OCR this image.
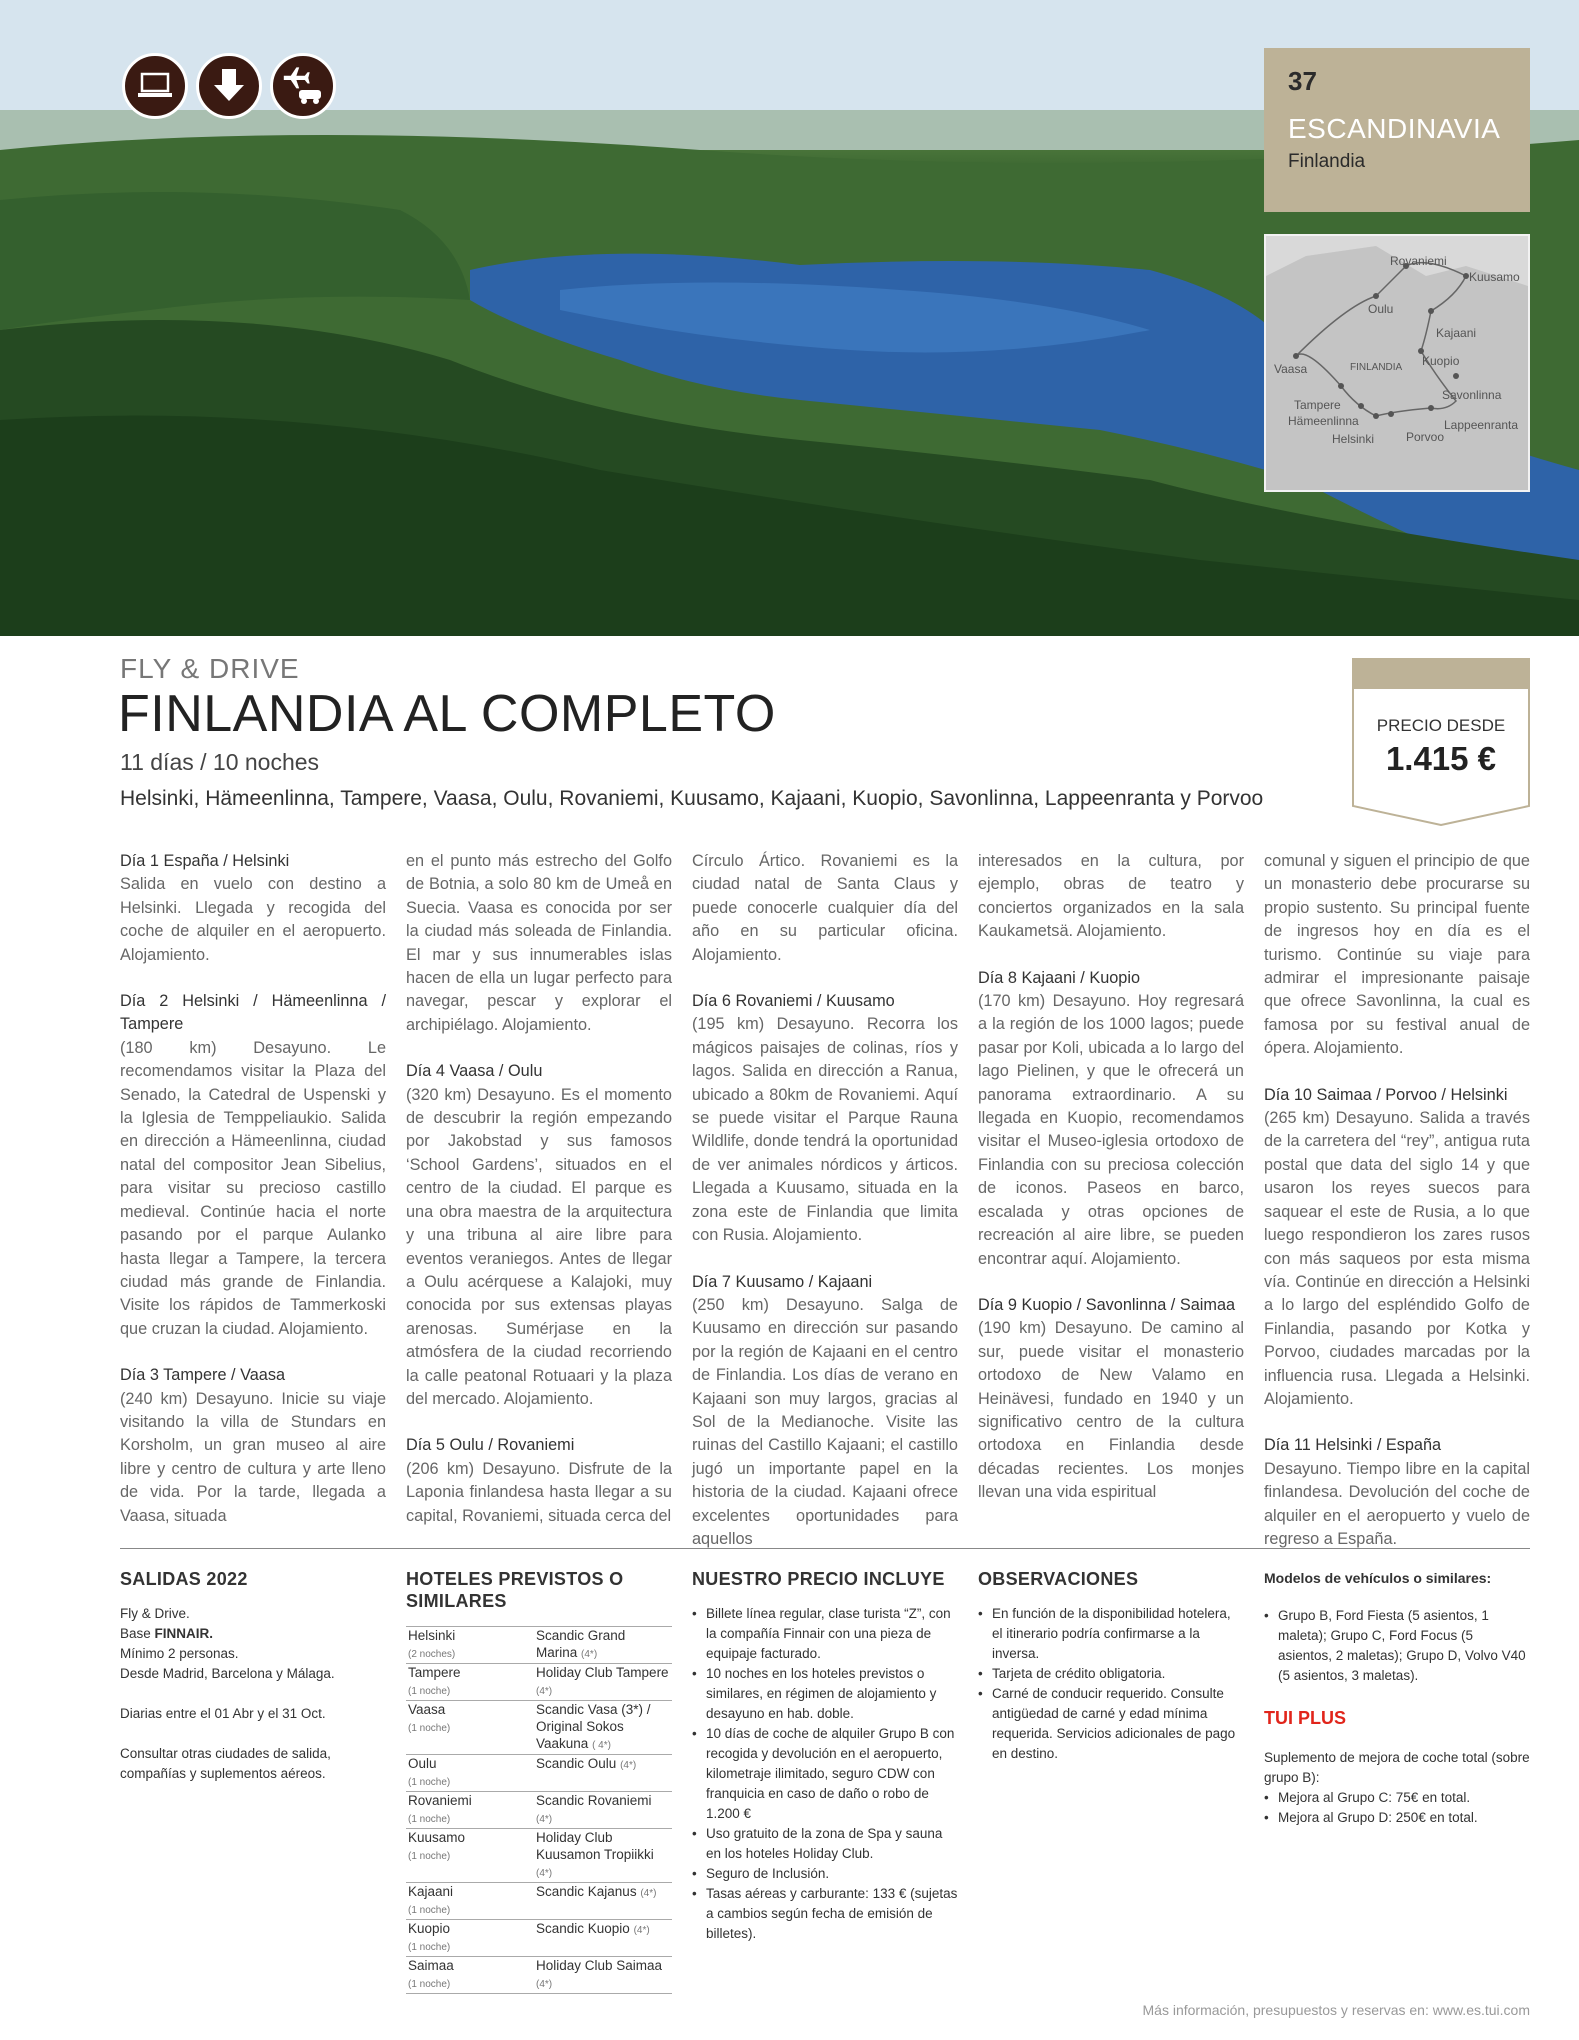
37
ESCANDINAVIA
Finlandia
Rovaniemi
Kuusamo
Oulu
Kajaani
Vaasa	FINLANDIA Kuopio
Savonlinna
Tampere
Hämeenlinna	Lappeenranta
Helsinki	Porvoo
FLY & DRIVE
FINLANDIA AL COMPLETO
11 días / 10 noches
Helsinki, Hämeenlinna, Tampere, Vaasa, Oulu, Rovaniemi, Kuusamo, Kajaani, Kuopio, Savonlinna, Lappeenranta y Porvoo
PRECIO DESDE
1.415 €

Día 1 España / Helsinki
Salida en vuelo con destino a Helsinki. Llegada y recogida del coche de alquiler en el aeropuerto. Alojamiento.

Día 2 Helsinki / Hämeenlinna / Tampere
(180 km) Desayuno. Le recomendamos visitar la Plaza del Senado, la Catedral de Uspenski y la Iglesia de Temppeliaukio. Salida en dirección a Hämeenlinna, ciudad natal del compositor Jean Sibelius, para visitar su precioso castillo medieval. Continúe hacia el norte pasando por el parque Aulanko hasta llegar a Tampere, la tercera ciudad más grande de Finlandia. Visite los rápidos de Tammerkoski que cruzan la ciudad. Alojamiento.

Día 3 Tampere / Vaasa
(240 km) Desayuno. Inicie su viaje visitando la villa de Stundars en Korsholm, un gran museo al aire libre y centro de cultura y arte lleno de vida. Por la tarde, llegada a Vaasa, situada

en el punto más estrecho del Golfo de Botnia, a solo 80 km de Umeå en Suecia. Vaasa es conocida por ser la ciudad más soleada de Finlandia. El mar y sus innumerables islas hacen de ella un lugar perfecto para navegar, pescar y explorar el archipiélago. Alojamiento.

Día 4 Vaasa / Oulu
(320 km) Desayuno. Es el momento de descubrir la región empezando por Jakobstad y sus famosos ‘School Gardens’, situados en el centro de la ciudad. El parque es una obra maestra de la arquitectura y una tribuna al aire libre para eventos veraniegos. Antes de llegar a Oulu acérquese a Kalajoki, muy conocida por sus extensas playas arenosas. Sumérjase en la atmósfera de la ciudad recorriendo la calle peatonal Rotuaari y la plaza del mercado. Alojamiento.

Día 5 Oulu / Rovaniemi
(206 km) Desayuno. Disfrute de la Laponia finlandesa hasta llegar a su capital, Rovaniemi, situada cerca del

Círculo Ártico. Rovaniemi es la ciudad natal de Santa Claus y puede conocerle cualquier día del año en su particular oficina. Alojamiento.

Día 6 Rovaniemi / Kuusamo
(195 km) Desayuno. Recorra los mágicos paisajes de colinas, ríos y lagos. Salida en dirección a Ranua, ubicado a 80km de Rovaniemi. Aquí se puede visitar el Parque Rauna Wildlife, donde tendrá la oportunidad de ver animales nórdicos y árticos. Llegada a Kuusamo, situada en la zona este de Finlandia que limita con Rusia. Alojamiento.

Día 7 Kuusamo / Kajaani
(250 km) Desayuno. Salga de Kuusamo en dirección sur pasando por la región de Kajaani en el centro de Finlandia. Los días de verano en Kajaani son muy largos, gracias al Sol de la Medianoche. Visite las ruinas del Castillo Kajaani; el castillo jugó un importante papel en la historia de la ciudad. Kajaani ofrece excelentes oportunidades para aquellos

interesados en la cultura, por ejemplo, obras de teatro y conciertos organizados en la sala Kaukametsä. Alojamiento.

Día 8 Kajaani / Kuopio
(170 km) Desayuno. Hoy regresará a la región de los 1000 lagos; puede pasar por Koli, ubicada a lo largo del lago Pielinen, y que le ofrecerá un panorama extraordinario. A su llegada en Kuopio, recomendamos visitar el Museo-iglesia ortodoxo de Finlandia con su preciosa colección de iconos. Paseos en barco, escalada y otras opciones de recreación al aire libre, se pueden encontrar aquí. Alojamiento.

Día 9 Kuopio / Savonlinna / Saimaa
(190 km) Desayuno. De camino al sur, puede visitar el monasterio ortodoxo de New Valamo en Heinävesi, fundado en 1940 y un significativo centro de la cultura ortodoxa en Finlandia desde décadas recientes. Los monjes llevan una vida espiritual

comunal y siguen el principio de que un monasterio debe procurarse su propio sustento. Su principal fuente de ingresos hoy en día es el turismo. Continúe su viaje para admirar el impresionante paisaje que ofrece Savonlinna, la cual es famosa por su festival anual de ópera. Alojamiento.

Día 10 Saimaa / Porvoo / Helsinki
(265 km) Desayuno. Salida a través de la carretera del “rey”, antigua ruta postal que data del siglo 14 y que usaron los reyes suecos para saquear el este de Rusia, a lo que luego respondieron los zares rusos con más saqueos por esta misma vía. Continúe en dirección a Helsinki a lo largo del espléndido Golfo de Finlandia, pasando por Kotka y Porvoo, ciudades marcadas por la influencia rusa. Llegada a Helsinki. Alojamiento.

Día 11 Helsinki / España
Desayuno. Tiempo libre en la capital finlandesa. Devolución del coche de alquiler en el aeropuerto y vuelo de regreso a España.

SALIDAS 2022
Fly & Drive.
Base FINNAIR.
Mínimo 2 personas.
Desde Madrid, Barcelona y Málaga.
Diarias entre el 01 Abr y el 31 Oct.
Consultar otras ciudades de salida, compañías y suplementos aéreos.
HOTELES PREVISTOS O SIMILARES
Helsinki
(2 noches)	Scandic Grand Marina (4*)
Tampere
(1 noche)	Holiday Club Tampere (4*)
Vaasa
(1 noche)	Scandic Vasa (3*) / Original Sokos Vaakuna ( 4*)
Oulu
(1 noche)	Scandic Oulu (4*)
Rovaniemi
(1 noche)	Scandic Rovaniemi (4*)
Kuusamo
(1 noche)	Holiday Club Kuusamon Tropiikki (4*)
Kajaani
(1 noche)	Scandic Kajanus (4*)
Kuopio
(1 noche)	Scandic Kuopio (4*)
Saimaa
(1 noche)	Holiday Club Saimaa (4*)
NUESTRO PRECIO INCLUYE
• Billete línea regular, clase turista “Z”, con la compañía Finnair con una pieza de equipaje facturado.
• 10 noches en los hoteles previstos o similares, en régimen de alojamiento y desayuno en hab. doble.
• 10 días de coche de alquiler Grupo B con recogida y devolución en el aeropuerto, kilometraje ilimitado, seguro CDW con franquicia en caso de daño o robo de 1.200 €
• Uso gratuito de la zona de Spa y sauna en los hoteles Holiday Club.
• Seguro de Inclusión.
• Tasas aéreas y carburante: 133 € (sujetas a cambios según fecha de emisión de billetes).
OBSERVACIONES
• En función de la disponibilidad hotelera, el itinerario podría confirmarse a la inversa.
• Tarjeta de crédito obligatoria.
• Carné de conducir requerido. Consulte antigüedad de carné y edad mínima requerida. Servicios adicionales de pago en destino.
Modelos de vehículos o similares:
• Grupo B, Ford Fiesta (5 asientos, 1 maleta); Grupo C, Ford Focus (5 asientos, 2 maletas); Grupo D, Volvo V40 (5 asientos, 3 maletas).
TUI PLUS
Suplemento de mejora de coche total (sobre grupo B):
• Mejora al Grupo C: 75€ en total.
• Mejora al Grupo D: 250€ en total.
Más información, presupuestos y reservas en: www.es.tui.com
